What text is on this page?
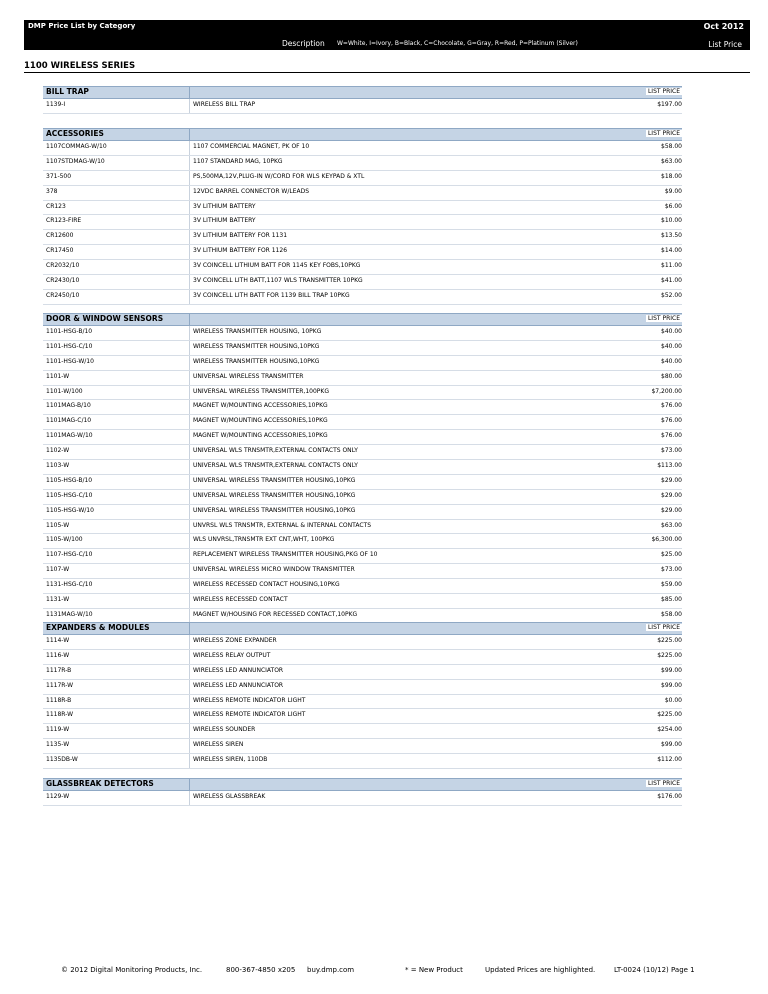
DMP Price List by Category
Description W=White, I=Ivory, B=Black, C=Chocolate, G=Gray, R=Red, P=Platinum (Silver)
Oct 2012
List Price
1100 WIRELESS SERIES
BILL TRAP	LIST PRICE
1139-I	WIRELESS BILL TRAP	$197.00
ACCESSORIES	LIST PRICE
1107COMMAG-W/10	1107 COMMERCIAL MAGNET, PK OF 10	$58.00
1107STDMAG-W/10	1107 STANDARD MAG, 10PKG	$63.00
371-500	PS,500MA,12V,PLUG-IN W/CORD FOR WLS KEYPAD & XTL	$18.00
378	12VDC BARREL CONNECTOR W/LEADS	$9.00
CR123	3V LITHIUM BATTERY	$6.00
CR123-FIRE	3V LITHIUM BATTERY	$10.00
CR12600	3V LITHIUM BATTERY FOR 1131	$13.50
CR17450	3V LITHIUM BATTERY FOR 1126	$14.00
CR2032/10	3V COINCELL LITHIUM BATT FOR 1145 KEY FOBS,10PKG	$11.00
CR2430/10	3V COINCELL LITH BATT,1107 WLS TRANSMITTER 10PKG	$41.00
CR2450/10	3V COINCELL LITH BATT FOR 1139 BILL TRAP 10PKG	$52.00
DOOR & WINDOW SENSORS	LIST PRICE
1101-HSG-B/10	WIRELESS TRANSMITTER HOUSING, 10PKG	$40.00
1101-HSG-C/10	WIRELESS TRANSMITTER HOUSING,10PKG	$40.00
1101-HSG-W/10	WIRELESS TRANSMITTER HOUSING,10PKG	$40.00
1101-W	UNIVERSAL WIRELESS TRANSMITTER	$80.00
1101-W/100	UNIVERSAL WIRELESS TRANSMITTER,100PKG	$7,200.00
1101MAG-B/10	MAGNET W/MOUNTING ACCESSORIES,10PKG	$76.00
1101MAG-C/10	MAGNET W/MOUNTING ACCESSORIES,10PKG	$76.00
1101MAG-W/10	MAGNET W/MOUNTING ACCESSORIES,10PKG	$76.00
1102-W	UNIVERSAL WLS TRNSMTR,EXTERNAL CONTACTS ONLY	$73.00
1103-W	UNIVERSAL WLS TRNSMTR,EXTERNAL CONTACTS ONLY	$113.00
1105-HSG-B/10	UNIVERSAL WIRELESS TRANSMITTER HOUSING,10PKG	$29.00
1105-HSG-C/10	UNIVERSAL WIRELESS TRANSMITTER HOUSING,10PKG	$29.00
1105-HSG-W/10	UNIVERSAL WIRELESS TRANSMITTER HOUSING,10PKG	$29.00
1105-W	UNVRSL WLS TRNSMTR, EXTERNAL & INTERNAL CONTACTS	$63.00
1105-W/100	WLS UNVRSL,TRNSMTR EXT CNT,WHT, 100PKG	$6,300.00
1107-HSG-C/10	REPLACEMENT WIRELESS TRANSMITTER HOUSING,PKG OF 10	$25.00
1107-W	UNIVERSAL WIRELESS MICRO WINDOW TRANSMITTER	$73.00
1131-HSG-C/10	WIRELESS RECESSED CONTACT HOUSING,10PKG	$59.00
1131-W	WIRELESS RECESSED CONTACT	$85.00
1131MAG-W/10	MAGNET W/HOUSING FOR RECESSED CONTACT,10PKG	$58.00
EXPANDERS & MODULES	LIST PRICE
1114-W	WIRELESS ZONE EXPANDER	$225.00
1116-W	WIRELESS RELAY OUTPUT	$225.00
1117R-B	WIRELESS LED ANNUNCIATOR	$99.00
1117R-W	WIRELESS LED ANNUNCIATOR	$99.00
1118R-B	WIRELESS REMOTE INDICATOR LIGHT	$0.00
1118R-W	WIRELESS REMOTE INDICATOR LIGHT	$225.00
1119-W	WIRELESS SOUNDER	$254.00
1135-W	WIRELESS SIREN	$99.00
1135DB-W	WIRELESS SIREN, 110DB	$112.00
GLASSBREAK DETECTORS	LIST PRICE
1129-W	WIRELESS GLASSBREAK	$176.00
© 2012 Digital Monitoring Products, Inc.	800-367-4850 x205 buy.dmp.com	* = New Product	Updated Prices are highlighted.	LT-0024 (10/12) Page 1
